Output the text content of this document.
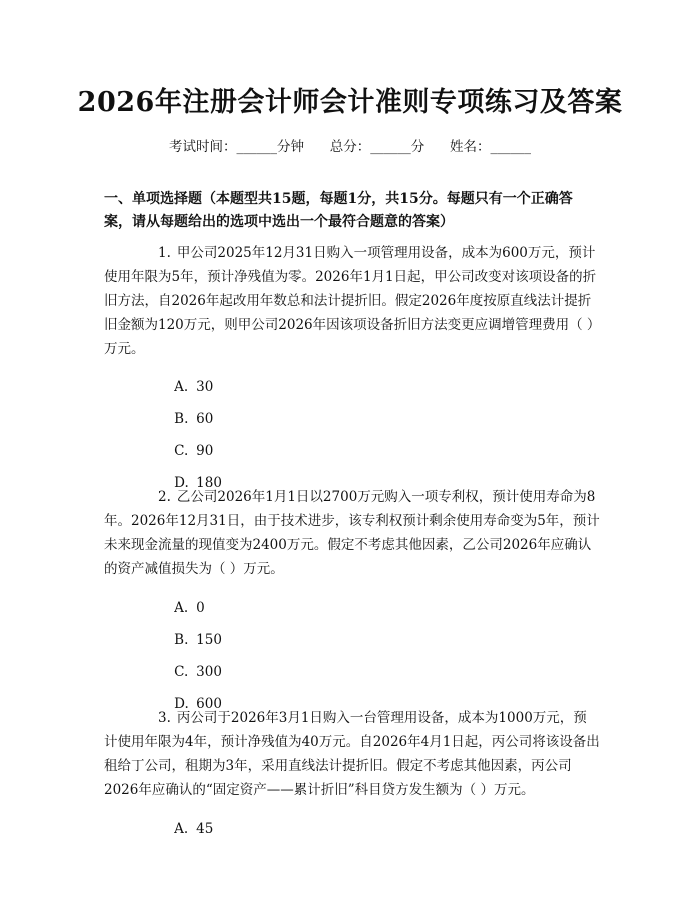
2026年注册会计师会计准则专项练习及答案
考试时间：______分钟      总分：______分      姓名：______

一、单项选择题（本题型共15题，每题1分，共15分。每题只有一个正确答案，请从每题给出的选项中选出一个最符合题意的答案）

1. 甲公司2025年12月31日购入一项管理用设备，成本为600万元，预计使用年限为5年，预计净残值为零。2026年1月1日起，甲公司改变对该项设备的折旧方法，自2026年起改用年数总和法计提折旧。假定2026年度按原直线法计提折旧金额为120万元，则甲公司2026年因该项设备折旧方法变更应调增管理费用（ ）万元。

A. 30

B. 60

C. 90

D. 180

2. 乙公司2026年1月1日以2700万元购入一项专利权，预计使用寿命为8年。2026年12月31日，由于技术进步，该专利权预计剩余使用寿命变为5年，预计未来现金流量的现值变为2400万元。假定不考虑其他因素，乙公司2026年应确认的资产减值损失为（ ）万元。

A. 0

B. 150

C. 300

D. 600

3. 丙公司于2026年3月1日购入一台管理用设备，成本为1000万元，预计使用年限为4年，预计净残值为40万元。自2026年4月1日起，丙公司将该设备出租给丁公司，租期为3年，采用直线法计提折旧。假定不考虑其他因素，丙公司2026年应确认的“固定资产——累计折旧”科目贷方发生额为（ ）万元。

A. 45
